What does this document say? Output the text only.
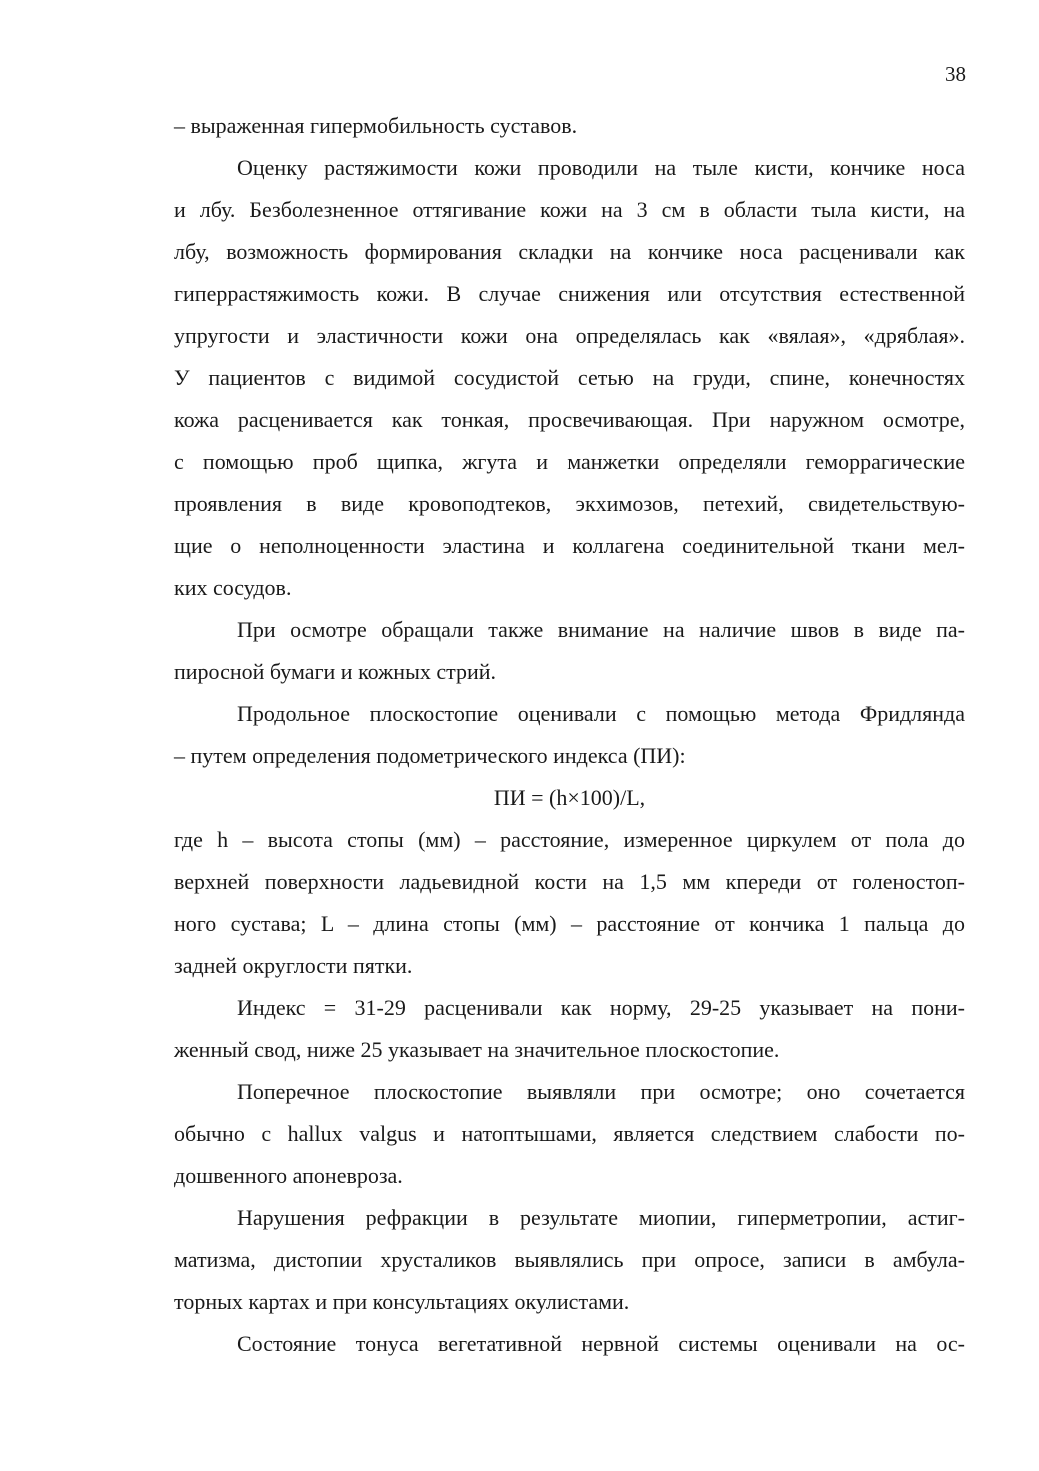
38
– выраженная гипермобильность суставов.
Оценку растяжимости кожи проводили на тыле кисти, кончике носа
и лбу. Безболезненное оттягивание кожи на 3 см в области тыла кисти, на
лбу, возможность формирования складки на кончике носа расценивали как
гиперрастяжимость кожи. В случае снижения или отсутствия естественной
упругости и эластичности кожи она определялась как «вялая», «дряблая».
У пациентов с видимой сосудистой сетью на груди, спине, конечностях
кожа расценивается как тонкая, просвечивающая. При наружном осмотре,
с помощью проб щипка, жгута и манжетки определяли геморрагические
проявления в виде кровоподтеков, экхимозов, петехий, свидетельствую-
щие о неполноценности эластина и коллагена соединительной ткани мел-
ких сосудов.
При осмотре обращали также внимание на наличие швов в виде па-
пиросной бумаги и кожных стрий.
Продольное плоскостопие оценивали с помощью метода Фридлянда
– путем определения подометрического индекса (ПИ):
ПИ = (h×100)/L,
где h – высота стопы (мм) – расстояние, измеренное циркулем от пола до
верхней поверхности ладьевидной кости на 1,5 мм кпереди от голеностоп-
ного сустава; L – длина стопы (мм) – расстояние от кончика 1 пальца до
задней округлости пятки.
Индекс = 31-29 расценивали как норму, 29-25 указывает на пони-
женный свод, ниже 25 указывает на значительное плоскостопие.
Поперечное плоскостопие выявляли при осмотре; оно сочетается
обычно с hallux valgus и натоптышами, является следствием слабости по-
дошвенного апоневроза.
Нарушения рефракции в результате миопии, гиперметропии, астиг-
матизма, дистопии хрусталиков выявлялись при опросе, записи в амбула-
торных картах и при консультациях окулистами.
Состояние тонуса вегетативной нервной системы оценивали на ос-
